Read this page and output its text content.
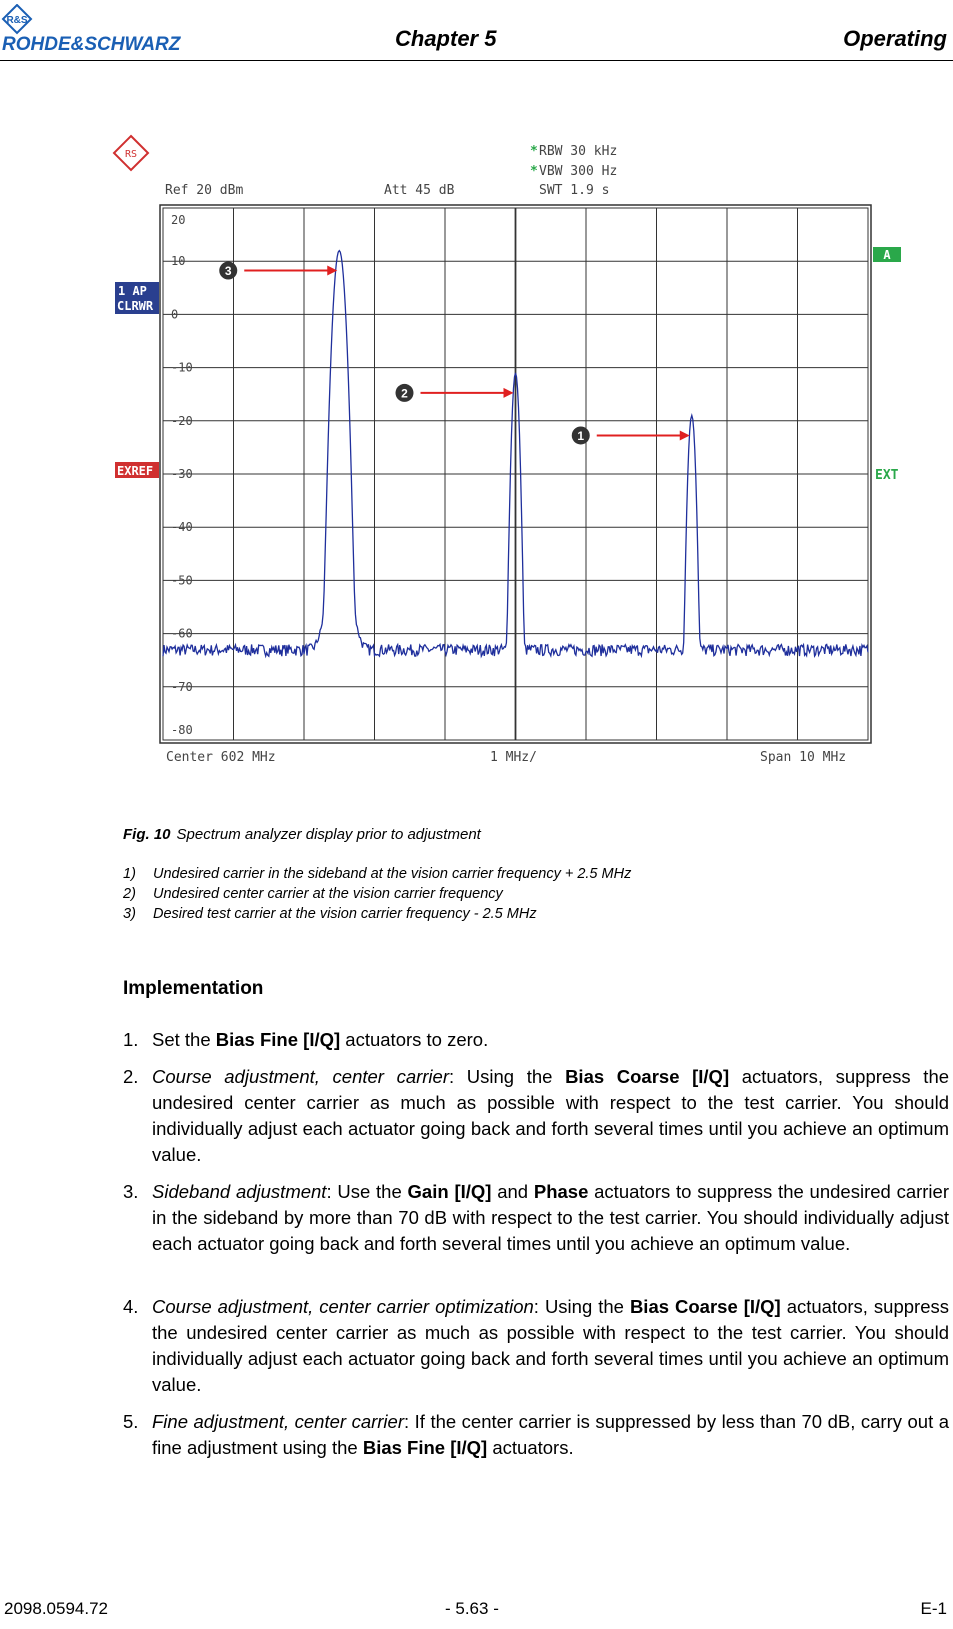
R&S
ROHDE&SCHWARZ	Chapter 5	Operating
RS	* RBW 30 kHz
* VBW 300 Hz
Ref 20 dBm	Att 45 dB	SWT 1.9 s
1 AP
CLRWR
EXREF
A
EXT
20
10
0
-10
-20
-30
-40
-50
-60
-70
-80
3
2
1
Center 602 MHz	1 MHz/	Span 10 MHz
Fig. 10 Spectrum analyzer display prior to adjustment
1) Undesired carrier in the sideband at the vision carrier frequency + 2.5 MHz
2) Undesired center carrier at the vision carrier frequency
3) Desired test carrier at the vision carrier frequency - 2.5 MHz
Implementation
1. Set the Bias Fine [I/Q] actuators to zero.
2. Course adjustment, center carrier: Using the Bias Coarse [I/Q] actuators, suppress the undesired center carrier as much as possible with respect to the test carrier. You should individually adjust each actuator going back and forth several times until you achieve an optimum value.
3. Sideband adjustment: Use the Gain [I/Q] and Phase actuators to suppress the undesired carrier in the sideband by more than 70 dB with respect to the test carrier. You should individually adjust each actuator going back and forth several times until you achieve an optimum value.
4. Course adjustment, center carrier optimization: Using the Bias Coarse [I/Q] actuators, suppress the undesired center carrier as much as possible with respect to the test carrier. You should individually adjust each actuator going back and forth several times until you achieve an optimum value.
5. Fine adjustment, center carrier: If the center carrier is suppressed by less than 70 dB, carry out a fine adjustment using the Bias Fine [I/Q] actuators.
2098.0594.72	- 5.63 -	E-1
